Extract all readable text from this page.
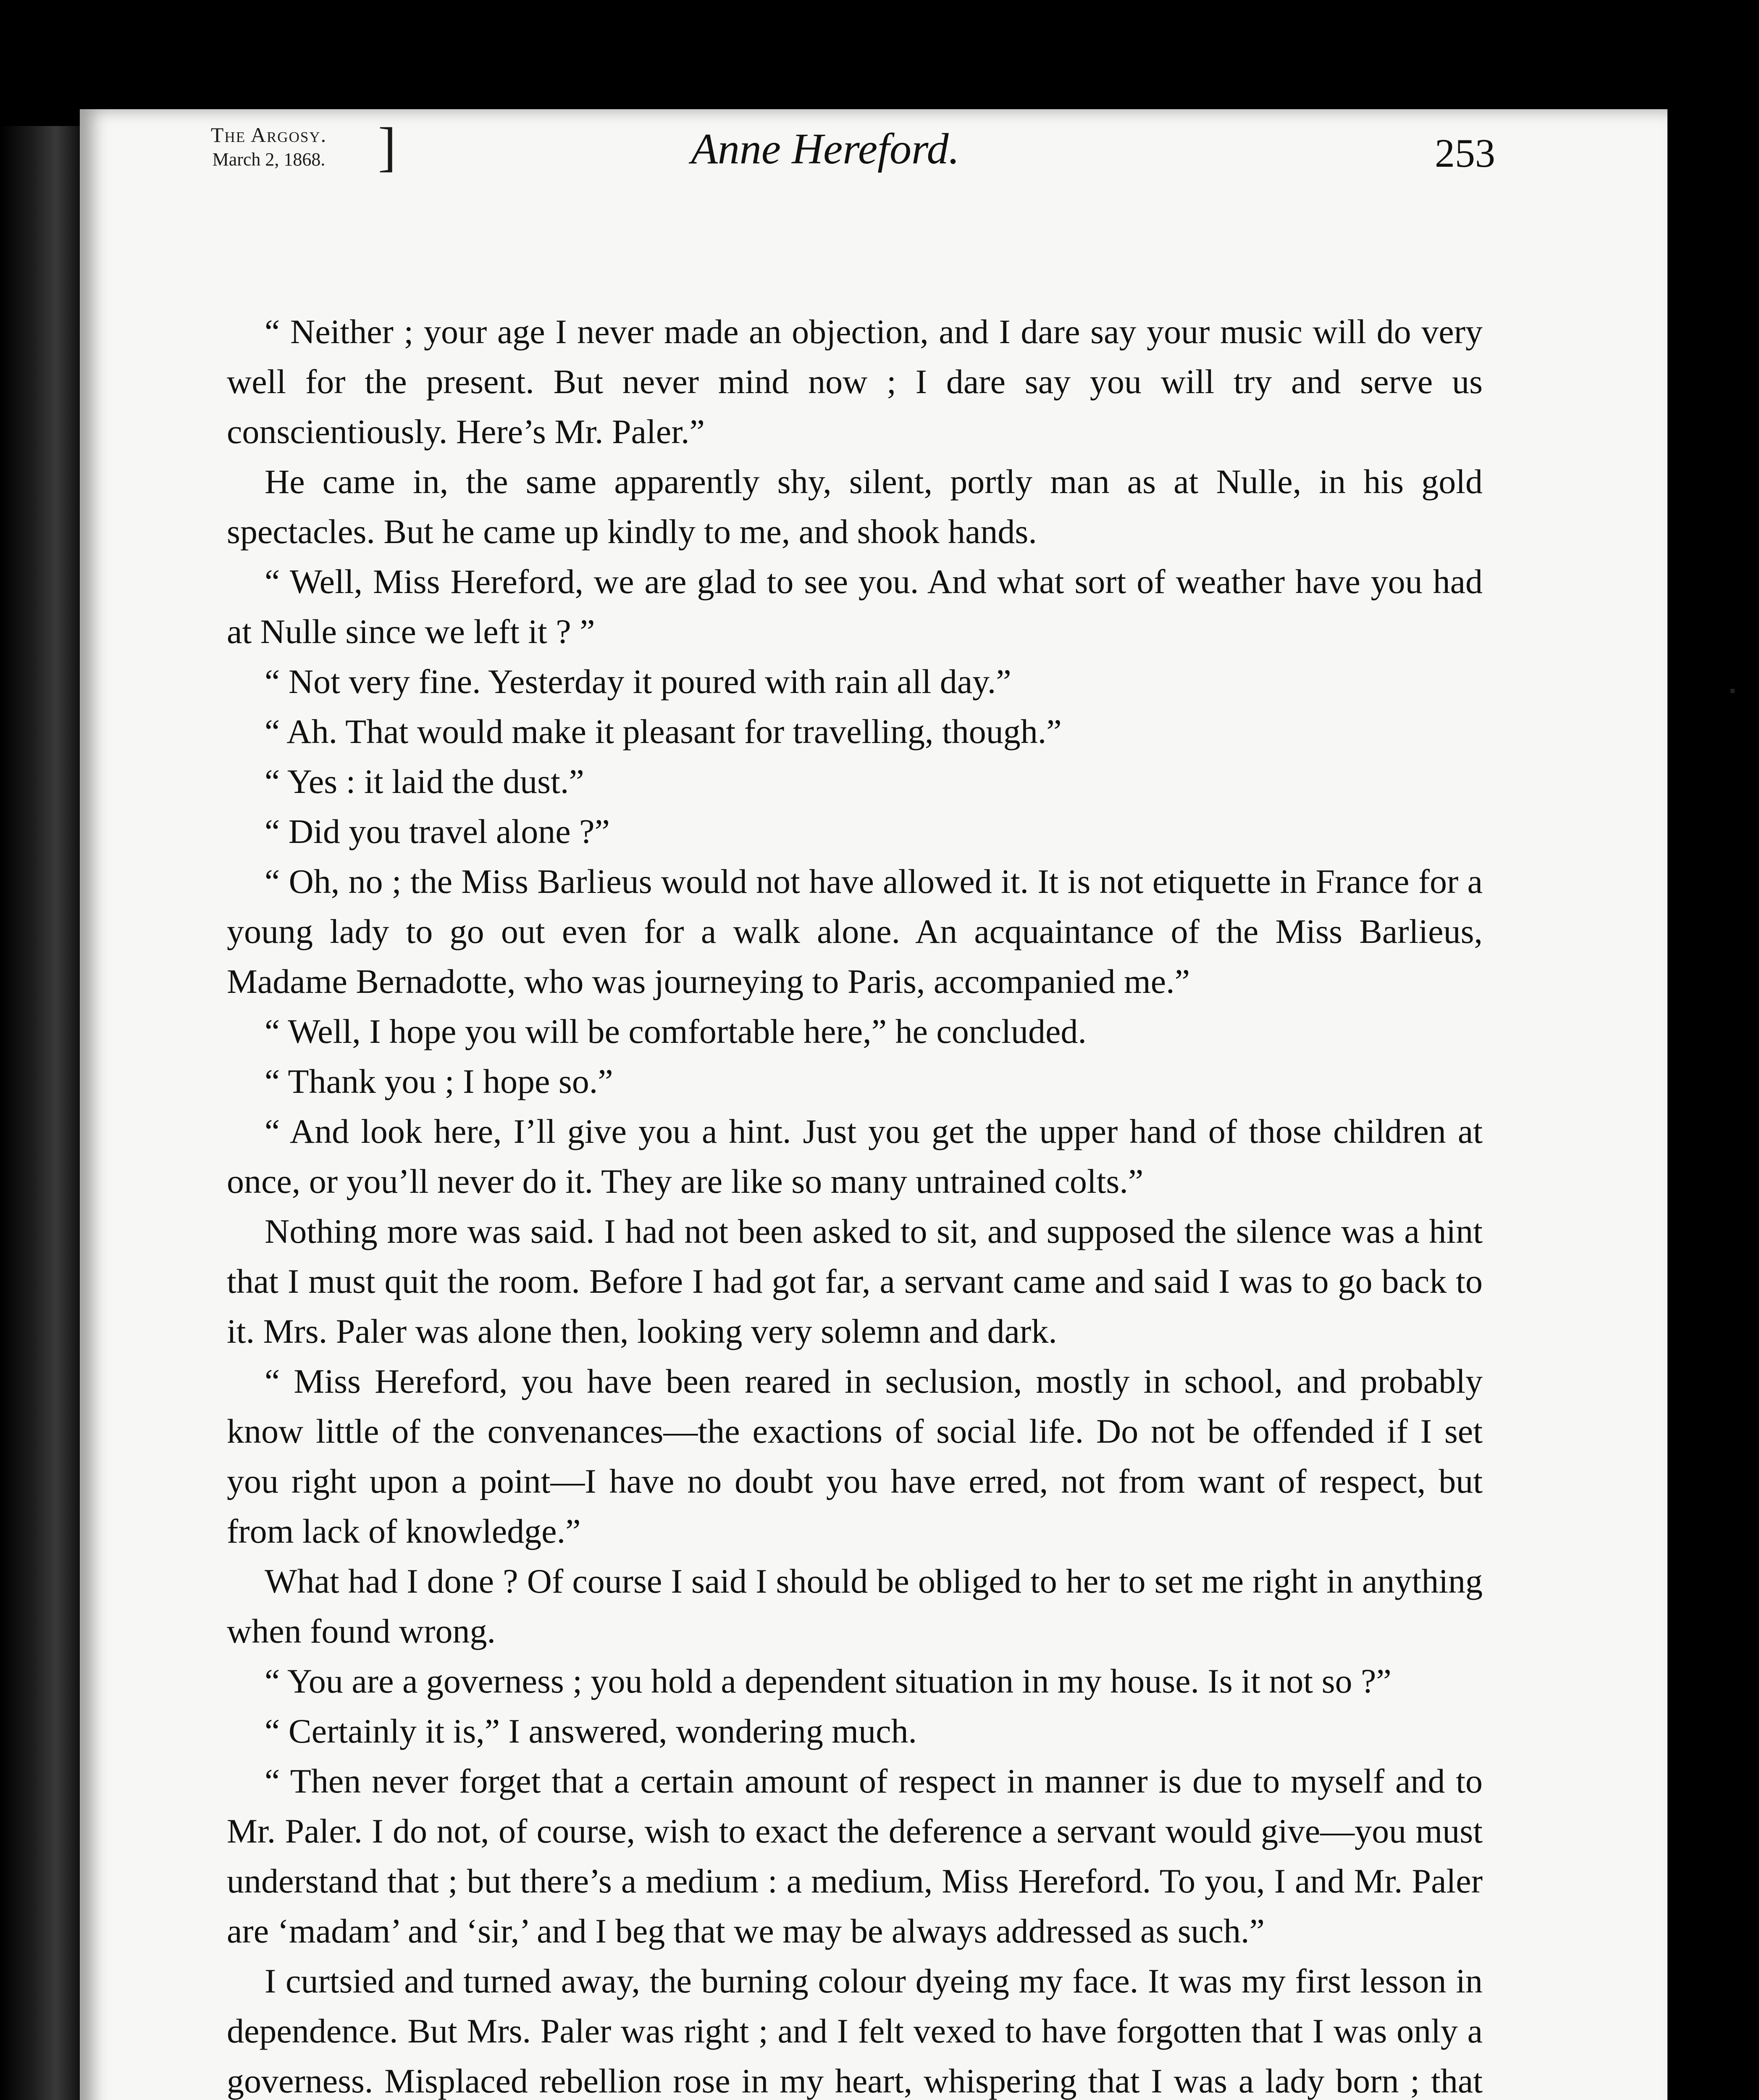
The Argosy.
March 2, 1868. ]	Anne Hereford.	253

“ Neither ; your age I never made an objection, and I dare say your music will do very well for the present. But never mind now ; I dare say you will try and serve us conscientiously. Here’s Mr. Paler.”

He came in, the same apparently shy, silent, portly man as at Nulle, in his gold spectacles. But he came up kindly to me, and shook hands.

“ Well, Miss Hereford, we are glad to see you. And what sort of weather have you had at Nulle since we left it ? ”

“ Not very fine. Yesterday it poured with rain all day.”

“ Ah. That would make it pleasant for travelling, though.”

“ Yes : it laid the dust.”

“ Did you travel alone ?”

“ Oh, no ; the Miss Barlieus would not have allowed it. It is not etiquette in France for a young lady to go out even for a walk alone. An acquaintance of the Miss Barlieus, Madame Bernadotte, who was journeying to Paris, accompanied me.”

“ Well, I hope you will be comfortable here,” he concluded.

“ Thank you ; I hope so.”

“ And look here, I’ll give you a hint. Just you get the upper hand of those children at once, or you’ll never do it. They are like so many untrained colts.”

Nothing more was said. I had not been asked to sit, and supposed the silence was a hint that I must quit the room. Before I had got far, a servant came and said I was to go back to it. Mrs. Paler was alone then, looking very solemn and dark.

“ Miss Hereford, you have been reared in seclusion, mostly in school, and probably know little of the convenances—the exactions of social life. Do not be offended if I set you right upon a point—I have no doubt you have erred, not from want of respect, but from lack of knowledge.”

What had I done ? Of course I said I should be obliged to her to set me right in anything when found wrong.

“ You are a governess ; you hold a dependent situation in my house. Is it not so ?”

“ Certainly it is,” I answered, wondering much.

“ Then never forget that a certain amount of respect in manner is due to myself and to Mr. Paler. I do not, of course, wish to exact the deference a servant would give—you must understand that ; but there’s a medium : a medium, Miss Hereford. To you, I and Mr. Paler are ‘madam’ and ‘sir,’ and I beg that we may be always addressed as such.”

I curtsied and turned away, the burning colour dyeing my face. It was my first lesson in dependence. But Mrs. Paler was right ; and I felt vexed to have forgotten that I was only a governess. Misplaced rebellion rose in my heart, whispering that I was a lady born ; that
